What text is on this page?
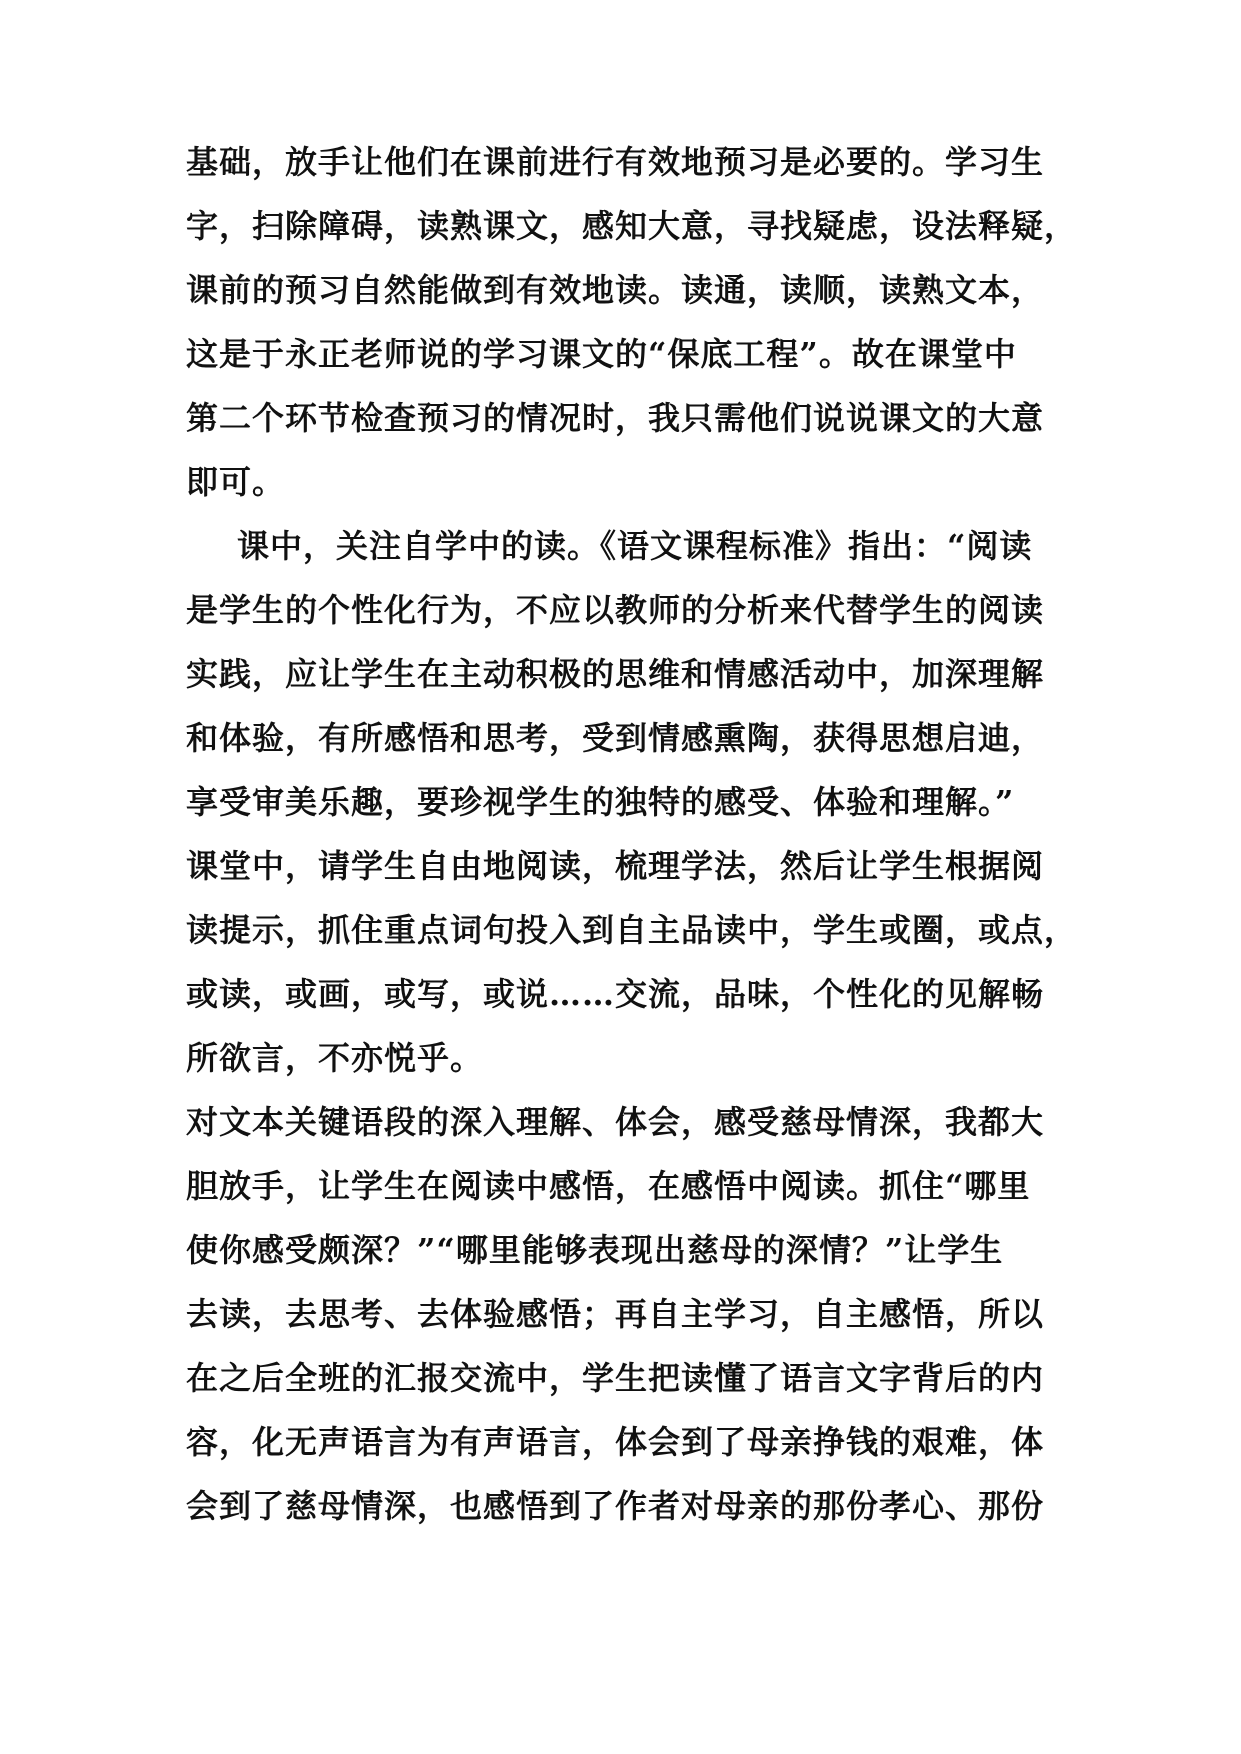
基础，放手让他们在课前进行有效地预习是必要的。学习生
字，扫除障碍，读熟课文，感知大意，寻找疑虑，设法释疑，
课前的预习自然能做到有效地读。读通，读顺，读熟文本，
这是于永正老师说的学习课文的“保底工程”。故在课堂中
第二个环节检查预习的情况时，我只需他们说说课文的大意
即可。
课中，关注自学中的读。《语文课程标准》指出：“阅读
是学生的个性化行为，不应以教师的分析来代替学生的阅读
实践，应让学生在主动积极的思维和情感活动中，加深理解
和体验，有所感悟和思考，受到情感熏陶，获得思想启迪，
享受审美乐趣，要珍视学生的独特的感受、体验和理解。”
课堂中，请学生自由地阅读，梳理学法，然后让学生根据阅
读提示，抓住重点词句投入到自主品读中，学生或圈，或点，
或读，或画，或写，或说……交流，品味，个性化的见解畅
所欲言，不亦悦乎。
对文本关键语段的深入理解、体会，感受慈母情深，我都大
胆放手，让学生在阅读中感悟，在感悟中阅读。抓住“哪里
使你感受颇深？”“哪里能够表现出慈母的深情？”让学生
去读，去思考、去体验感悟；再自主学习，自主感悟，所以
在之后全班的汇报交流中，学生把读懂了语言文字背后的内
容，化无声语言为有声语言，体会到了母亲挣钱的艰难，体
会到了慈母情深，也感悟到了作者对母亲的那份孝心、那份
